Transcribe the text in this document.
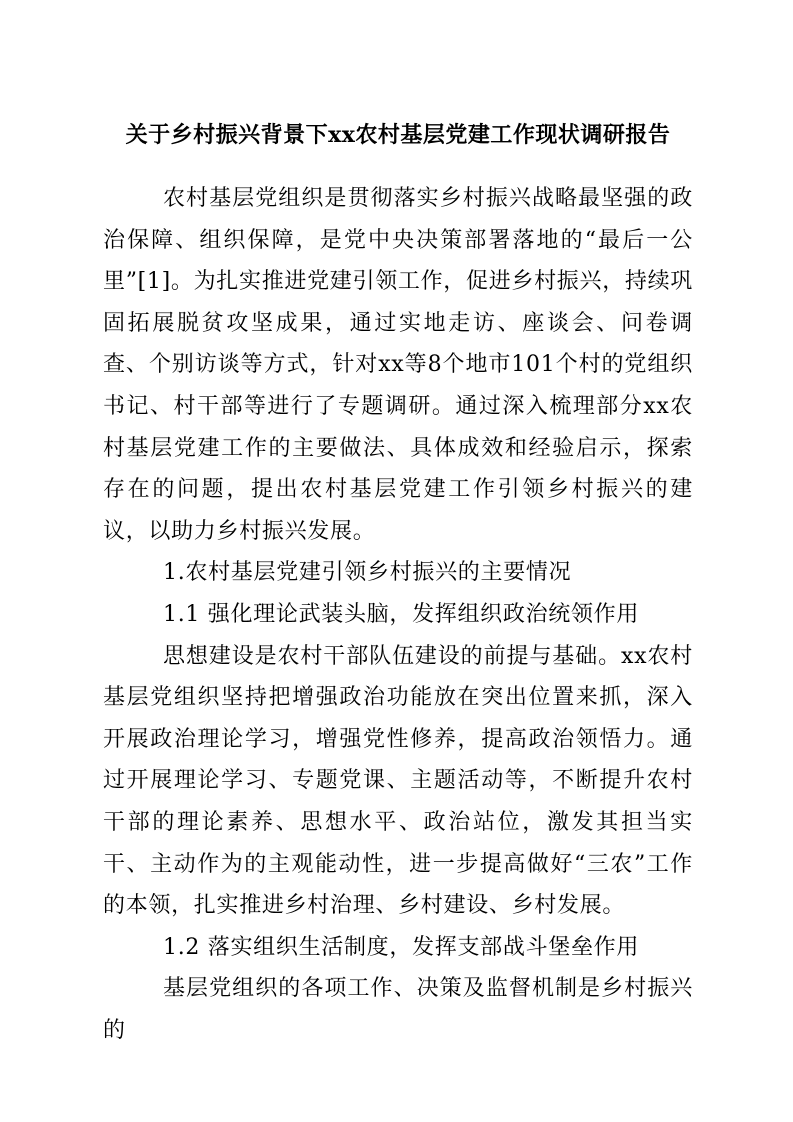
关于乡村振兴背景下xx农村基层党建工作现状调研报告

农村基层党组织是贯彻落实乡村振兴战略最坚强的政治保障、组织保障，是党中央决策部署落地的“最后一公里”[1]。为扎实推进党建引领工作，促进乡村振兴，持续巩固拓展脱贫攻坚成果，通过实地走访、座谈会、问卷调查、个别访谈等方式，针对xx等8个地市101个村的党组织书记、村干部等进行了专题调研。通过深入梳理部分xx农村基层党建工作的主要做法、具体成效和经验启示，探索存在的问题，提出农村基层党建工作引领乡村振兴的建议，以助力乡村振兴发展。

1.农村基层党建引领乡村振兴的主要情况

1.1 强化理论武装头脑，发挥组织政治统领作用

思想建设是农村干部队伍建设的前提与基础。xx农村基层党组织坚持把增强政治功能放在突出位置来抓，深入开展政治理论学习，增强党性修养，提高政治领悟力。通过开展理论学习、专题党课、主题活动等，不断提升农村干部的理论素养、思想水平、政治站位，激发其担当实干、主动作为的主观能动性，进一步提高做好“三农”工作的本领，扎实推进乡村治理、乡村建设、乡村发展。

1.2 落实组织生活制度，发挥支部战斗堡垒作用

基层党组织的各项工作、决策及监督机制是乡村振兴的
